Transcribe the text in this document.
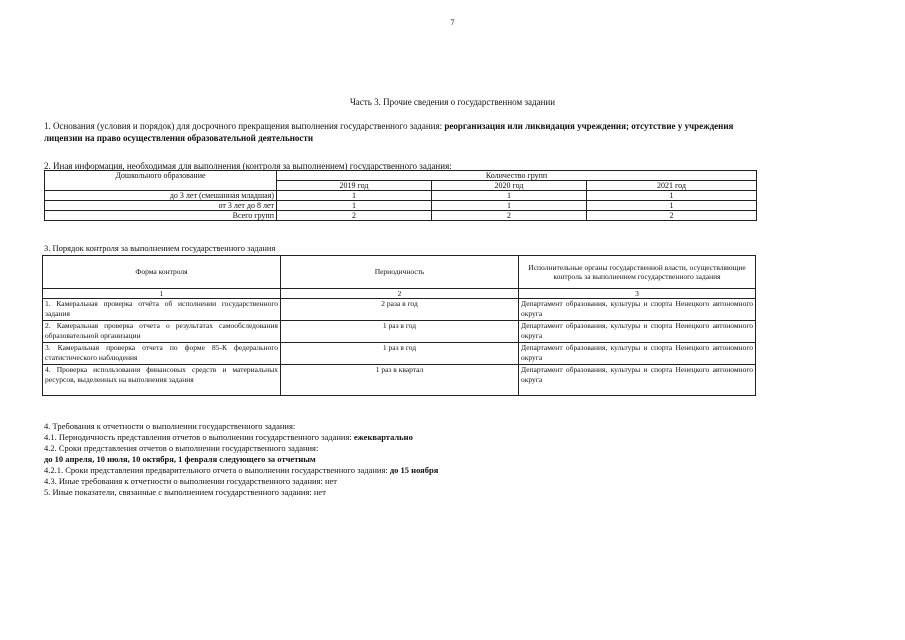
7
Часть 3. Прочие сведения о государственном задании
1. Основания (условия и порядок) для досрочного прекращения выполнения государственного задания: реорганизация или ликвидация учреждения; отсутствие у учреждения лицензии на право осуществления образовательной деятельности
2. Иная информация, необходимая для выполнения (контроля за выполнением) государственного задания:
Дошкольного образование	Количество групп		
	2019 год	2020 год	2021 год
до 3 лет (смешанная младшая)	1	1	1
от 3 лет до 8 лет	1	1	1
Всего групп	2	2	2
3. Порядок контроля за выполнением государственного задания
Форма контроля	Периодичность	Исполнительные органы государственной власти, осуществляющие контроль за выполнением государственного задания
1	2	3
1. Камеральная проверка отчёта об исполнении государственного задания	2 раза в год	Департамент образования, культуры и спорта Ненецкого автономного округа
2. Камеральная проверка отчета о результатах самообследования образовательной организации	1 раз в год	Департамент образования, культуры и спорта Ненецкого автономного округа
3. Камеральная проверка отчета по форме 85-К федерального статистического наблюдения	1 раз в год	Департамент образования, культуры и спорта Ненецкого автономного округа
4. Проверка использования финансовых средств и материальных ресурсов, выделенных на выполнения задания	1 раз в квартал	Департамент образования, культуры и спорта Ненецкого автономного округа
4. Требования к отчетности о выполнении государственного задания:
4.1. Периодичность представления отчетов о выполнении государственного задания: ежеквартально
4.2. Сроки представления отчетов о выполнении государственного задания:
до 10 апреля, 10 июля, 10 октября, 1 февраля следующего за отчетным
4.2.1. Сроки представления предварительного отчета о выполнении государственного задания: до 15 ноября
4.3. Иные требования к отчетности о выполнении государственного задания: нет
5. Иные показатели, связанные с выполнением государственного задания: нет
